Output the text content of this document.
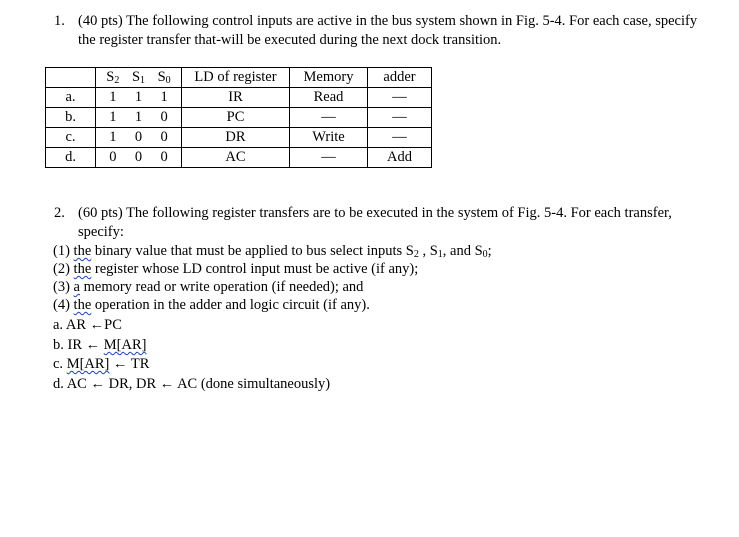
1. (40 pts) The following control inputs are active in the bus system shown in Fig. 5-4. For each case, specify the register transfer that-will be executed during the next dock transition.

	$S_2$ $S_1$ $S_0$	LD of register	Memory	adder
a.	1 1 1	IR	Read	—
b.	1 1 0	PC	—	—
c.	1 0 0	DR	Write	—
d.	0 0 0	AC	—	Add
2. (60 pts) The following register transfers are to be executed in the system of Fig. 5-4. For each transfer, specify:
(1) the binary value that must be applied to bus select inputs $S_2$ , $S_1$, and $S_0$;
(2) the register whose LD control input must be active (if any);
(3) a memory read or write operation (if needed); and
(4) the operation in the adder and logic circuit (if any).
a. AR ←PC
b. IR ← M[AR]
c. M[AR] ← TR
d. AC ← DR, DR ← AC (done simultaneously)
